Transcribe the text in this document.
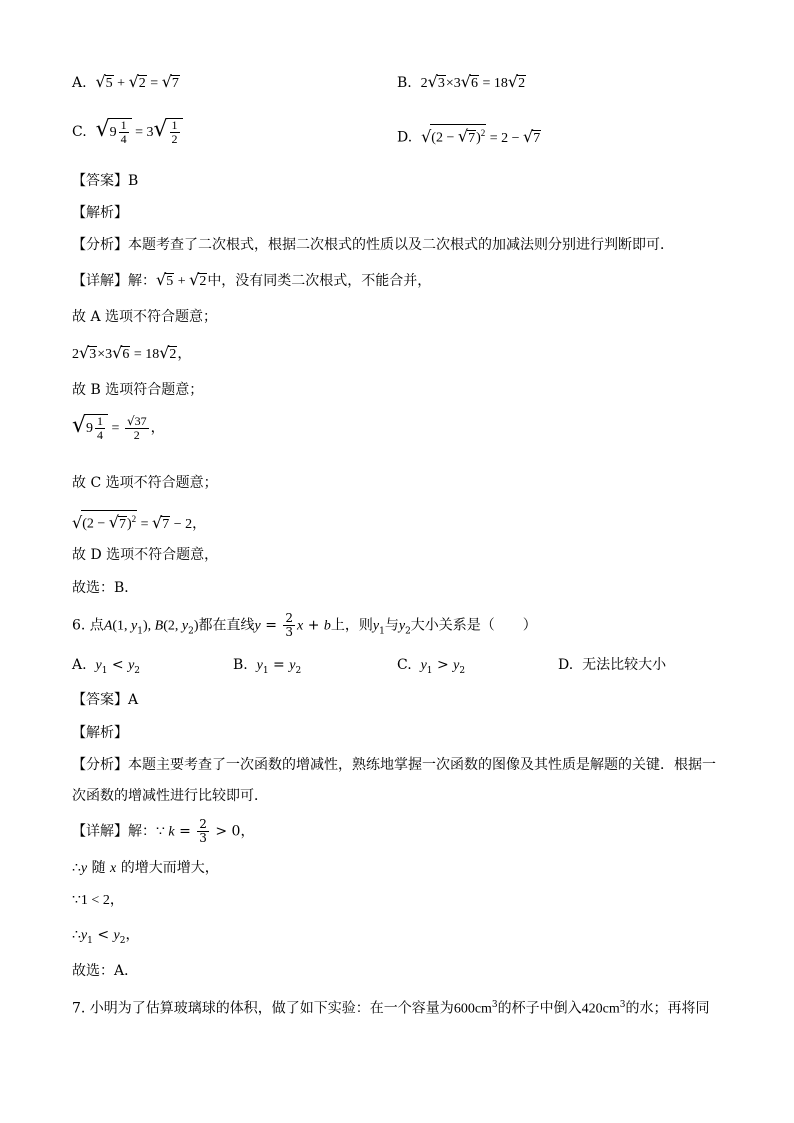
A. √5 + √2 = √7	B. 2√3×3√6 = 18√2
C. $√9 \frac{1}{4} = 3√ \frac{1}{2}$	D. $√(2 - √7)^2 = 2 - √7$
【答案】B
【解析】
【分析】本题考查了二次根式，根据二次根式的性质以及二次根式的加减法则分别进行判断即可．
【详解】解：√5 + √2中，没有同类二次根式，不能合并，
故 A 选项不符合题意；
2√3×3√6 = 18√2，
故 B 选项符合题意；
$√9 \frac{1}{4} = \frac{√37}{2}$ ，
故 C 选项不符合题意；
$√(2 - √7)^2 = √7 - 2$，
故 D 选项不符合题意，
故选：B．
6. 点A(1, $y_1$), B(2, $y_2$)都在直线$y = \frac{2}{3}$ x + b上，则$y_1$与$y_2$大小关系是（　　）
A. $y_1 < y_2$	B. $y_1 = y_2$	C. $y_1 > y_2$	D. 无法比较大小
【答案】A
【解析】
【分析】本题主要考查了一次函数的增减性，熟练地掌握一次函数的图像及其性质是解题的关键．根据一
次函数的增减性进行比较即可．
【详解】解：∵ $k = \frac{2}{3} > 0$，
∴y 随 x 的增大而增大，
∵1 < 2，
$\therefore y_1 < y_2$，
故选：A．
7. 小明为了估算玻璃球的体积，做了如下实验：在一个容量为$600cm^3$的杯子中倒入$420cm^3$的水；再将同
